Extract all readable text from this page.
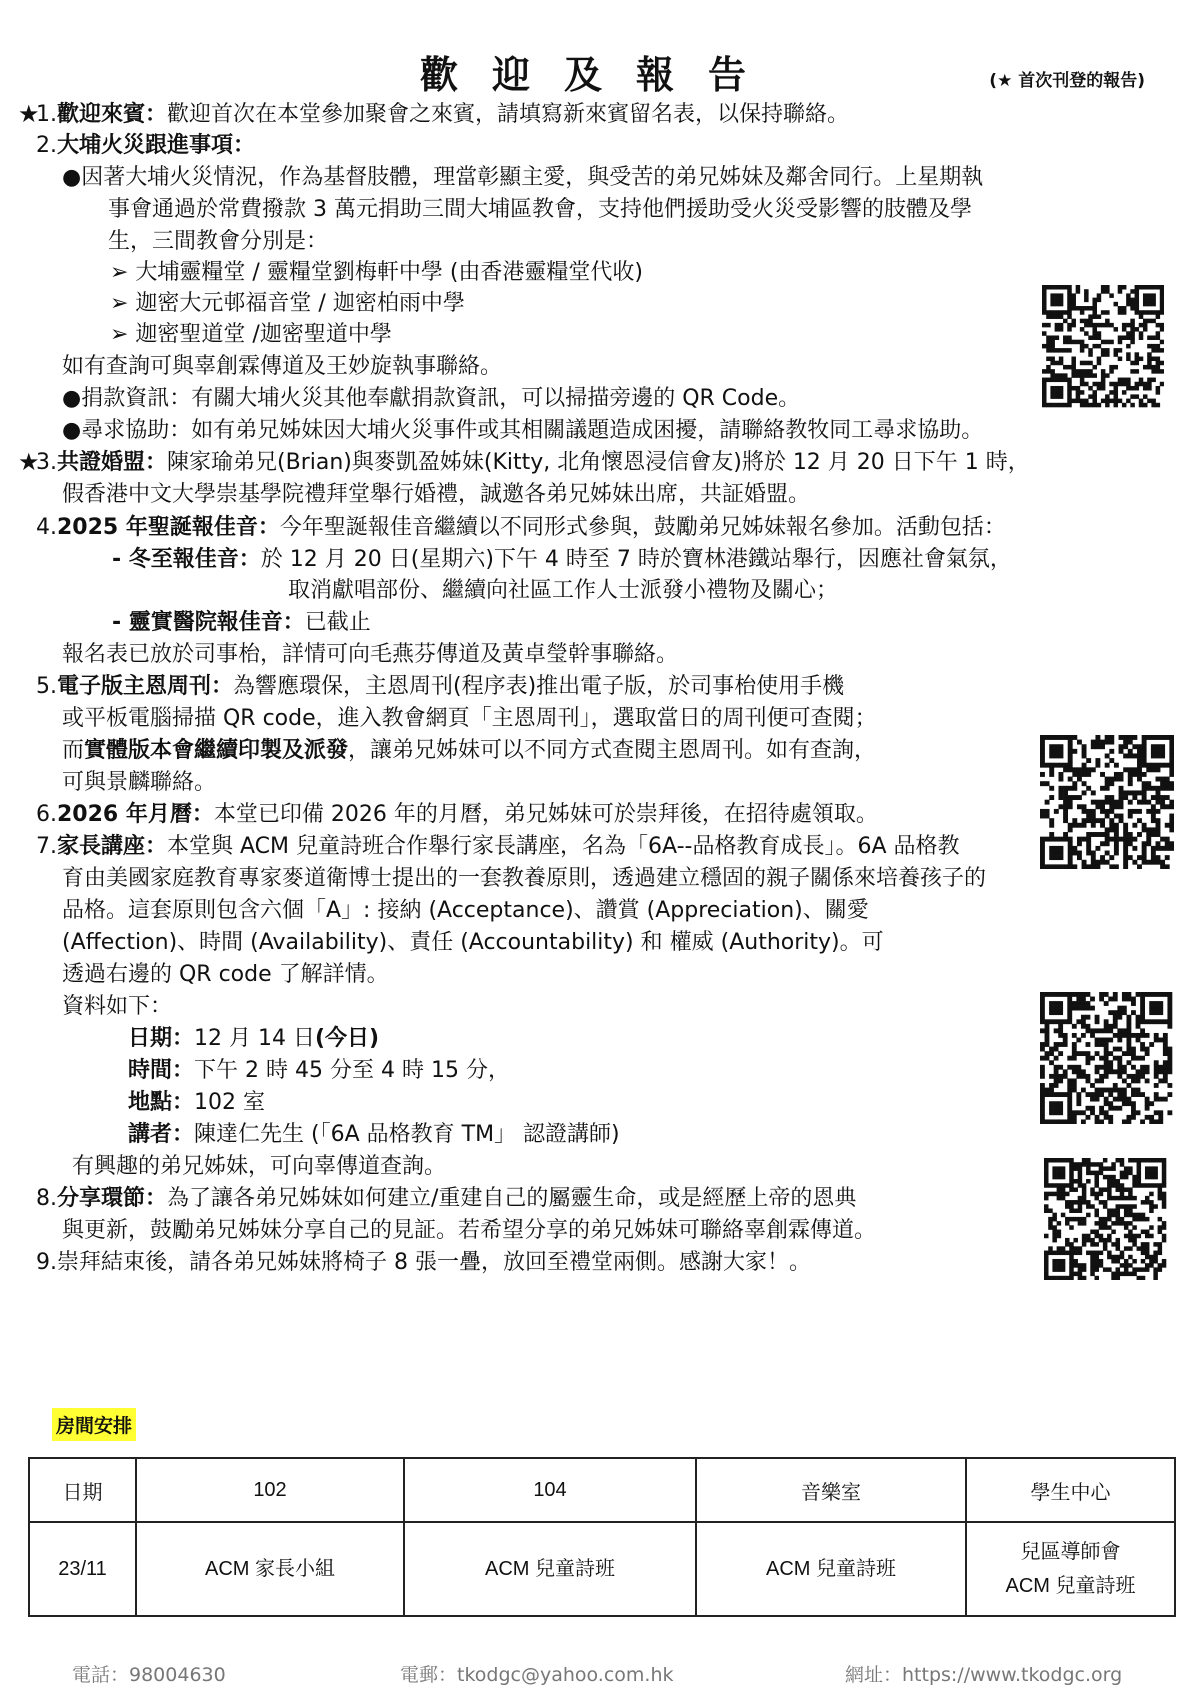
歡迎及報告	(★ 首次刊登的報告)
★
1.歡迎來賓：歡迎首次在本堂參加聚會之來賓，請填寫新來賓留名表，以保持聯絡。
2.大埔火災跟進事項：
●因著大埔火災情況，作為基督肢體，理當彰顯主愛，與受苦的弟兄姊妹及鄰舍同行。上星期執
事會通過於常費撥款 3 萬元捐助三間大埔區教會，支持他們援助受火災受影響的肢體及學
生，三間教會分別是：
➢ 大埔靈糧堂 / 靈糧堂劉梅軒中學 (由香港靈糧堂代收)
➢ 迦密大元邨福音堂 / 迦密柏雨中學
➢ 迦密聖道堂 /迦密聖道中學
如有查詢可與辜創霖傳道及王妙旋執事聯絡。
●捐款資訊：有關大埔火災其他奉獻捐款資訊，可以掃描旁邊的 QR Code。
●尋求協助：如有弟兄姊妹因大埔火災事件或其相關議題造成困擾，請聯絡教牧同工尋求協助。
★
3.共證婚盟：陳家瑜弟兄(Brian)與麥凱盈姊妹(Kitty, 北角懷恩浸信會友)將於 12 月 20 日下午 1 時，
假香港中文大學崇基學院禮拜堂舉行婚禮，誠邀各弟兄姊妹出席，共証婚盟。
4.2025 年聖誕報佳音：今年聖誕報佳音繼續以不同形式參與，鼓勵弟兄姊妹報名參加。活動包括：
- 冬至報佳音：於 12 月 20 日(星期六)下午 4 時至 7 時於寶林港鐵站舉行，因應社會氣氛，
取消獻唱部份、繼續向社區工作人士派發小禮物及關心；
- 靈實醫院報佳音：已截止
報名表已放於司事枱，詳情可向毛燕芬傳道及黃卓瑩幹事聯絡。
5.電子版主恩周刊：為響應環保，主恩周刊(程序表)推出電子版，於司事枱使用手機
或平板電腦掃描 QR code，進入教會網頁「主恩周刊」，選取當日的周刊便可查閱；
而實體版本會繼續印製及派發，讓弟兄姊妹可以不同方式查閱主恩周刊。如有查詢，
可與景麟聯絡。
6.2026 年月曆：本堂已印備 2026 年的月曆，弟兄姊妹可於崇拜後，在招待處領取。
7.家長講座：本堂與 ACM 兒童詩班合作舉行家長講座，名為「6A--品格教育成長」。6A 品格教
育由美國家庭教育專家麥道衛博士提出的一套教養原則，透過建立穩固的親子關係來培養孩子的
品格。這套原則包含六個「A」: 接納 (Acceptance)、讚賞 (Appreciation)、關愛
(Affection)、時間 (Availability)、責任 (Accountability) 和 權威 (Authority)。可
透過右邊的 QR code 了解詳情。
資料如下：
日期：12 月 14 日(今日)
時間：下午 2 時 45 分至 4 時 15 分，
地點：102 室
講者：陳達仁先生 (「6A 品格教育 TM」 認證講師)
有興趣的弟兄姊妹，可向辜傳道查詢。
8.分享環節：為了讓各弟兄姊妹如何建立/重建自己的屬靈生命，或是經歷上帝的恩典
與更新，鼓勵弟兄姊妹分享自己的見証。若希望分享的弟兄姊妹可聯絡辜創霖傳道。
9.崇拜結束後，請各弟兄姊妹將椅子 8 張一疊，放回至禮堂兩側。感謝大家！。
房間安排
日期	102	104	音樂室	學生中心
23/11	ACM 家長小組	ACM 兒童詩班	ACM 兒童詩班	兒區導師會
ACM 兒童詩班
電話：98004630	電郵：tkodgc@yahoo.com.hk	網址：https://www.tkodgc.org
